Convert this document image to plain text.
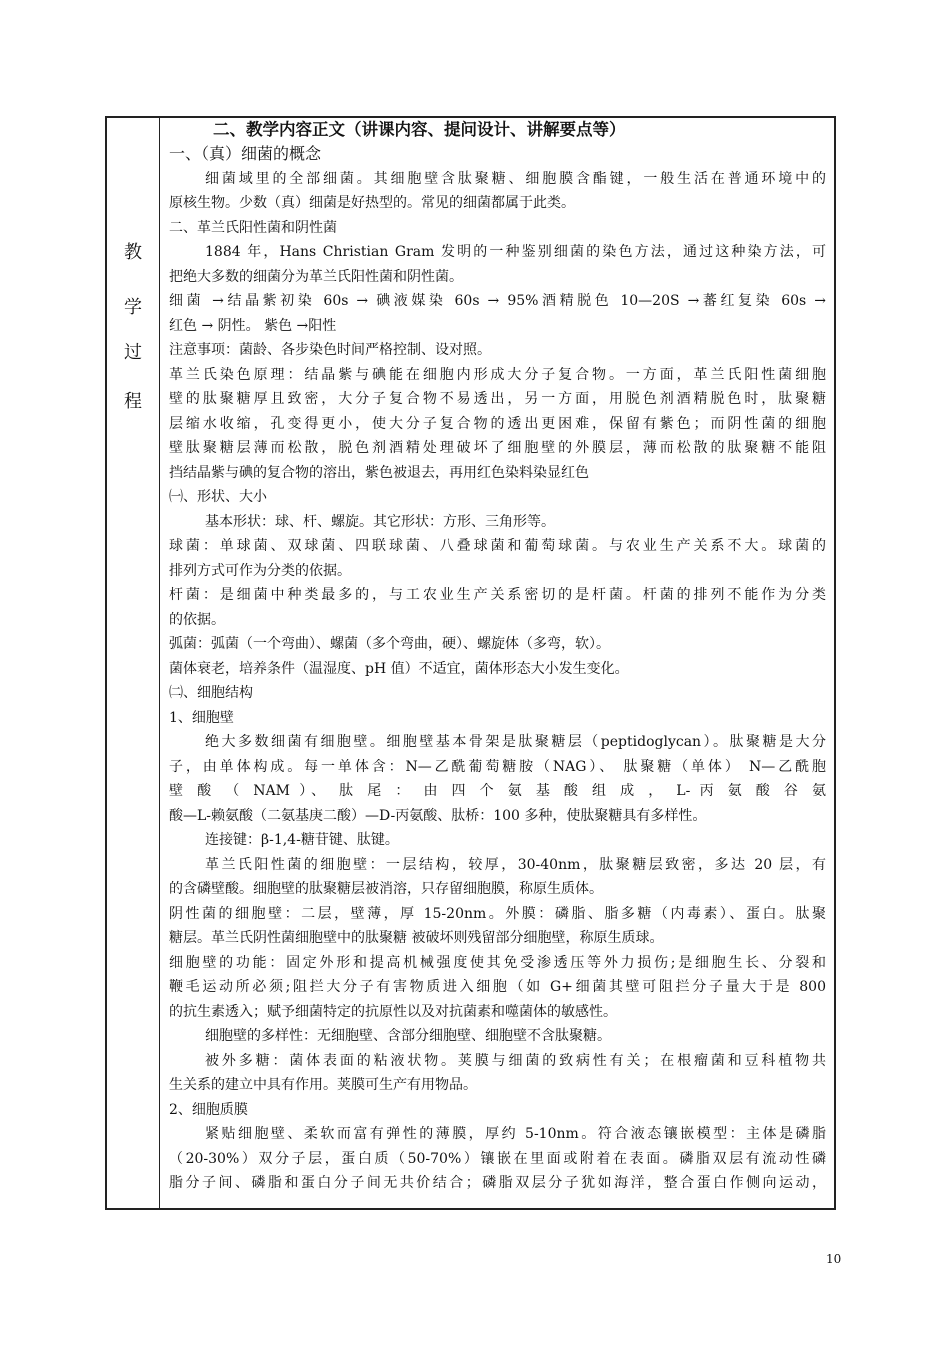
教
学
过
程
二、教学内容正文（讲课内容、提问设计、讲解要点等）
一、（真）细菌的概念
细菌域里的全部细菌。其细胞壁含肽聚糖、细胞膜含酯键，一般生活在普通环境中的
原核生物。少数（真）细菌是好热型的。常见的细菌都属于此类。
二、革兰氏阳性菌和阴性菌
1884 年，Hans Christian Gram 发明的一种鉴别细菌的染色方法，通过这种染方法，可
把绝大多数的细菌分为革兰氏阳性菌和阴性菌。
细菌 →结晶紫初染 60s → 碘液媒染 60s → 95%酒精脱色 10—20S →蕃红复染 60s →
红色 → 阴性。 紫色 →阳性
注意事项：菌龄、各步染色时间严格控制、设对照。
革兰氏染色原理：结晶紫与碘能在细胞内形成大分子复合物。一方面，革兰氏阳性菌细胞
壁的肽聚糖厚且致密，大分子复合物不易透出，另一方面，用脱色剂酒精脱色时，肽聚糖
层缩水收缩，孔变得更小，使大分子复合物的透出更困难，保留有紫色；而阴性菌的细胞
壁肽聚糖层薄而松散，脱色剂酒精处理破坏了细胞壁的外膜层，薄而松散的肽聚糖不能阻
挡结晶紫与碘的复合物的溶出，紫色被退去，再用红色染料染显红色
㈠、形状、大小
基本形状：球、杆、螺旋。其它形状：方形、三角形等。
球菌：单球菌、双球菌、四联球菌、八叠球菌和葡萄球菌。与农业生产关系不大。球菌的
排列方式可作为分类的依据。
杆菌：是细菌中种类最多的，与工农业生产关系密切的是杆菌。杆菌的排列不能作为分类
的依据。
弧菌：弧菌（一个弯曲）、螺菌（多个弯曲，硬）、螺旋体（多弯，软）。
菌体衰老，培养条件（温湿度、pH 值）不适宜，菌体形态大小发生变化。
㈡、细胞结构
1、细胞壁
绝大多数细菌有细胞壁。细胞壁基本骨架是肽聚糖层（peptidoglycan）。肽聚糖是大分
子，由单体构成。每一单体含：N—乙酰葡萄糖胺（NAG）、 肽聚糖（单体） N—乙酰胞
壁 酸 （ NAM ）、 肽 尾 ： 由 四 个 氨 基 酸 组 成 ， L- 丙 氨 酸 谷 氨
酸—L-赖氨酸（二氨基庚二酸）—D-丙氨酸、肽桥：100 多种，使肽聚糖具有多样性。
连接键：β-1,4-糖苷键、肽键。
革兰氏阳性菌的细胞壁：一层结构，较厚，30-40nm，肽聚糖层致密，多达 20 层，有
的含磷壁酸。细胞壁的肽聚糖层被消溶，只存留细胞膜，称原生质体。
阴性菌的细胞壁：二层，壁薄，厚 15-20nm。外膜：磷脂、脂多糖（内毒素）、蛋白。肽聚
糖层。革兰氏阴性菌细胞壁中的肽聚糖 被破坏则残留部分细胞壁，称原生质球。
细胞壁的功能：固定外形和提高机械强度使其免受渗透压等外力损伤;是细胞生长、分裂和
鞭毛运动所必须;阻拦大分子有害物质进入细胞（如 G+细菌其壁可阻拦分子量大于是 800
的抗生素透入；赋予细菌特定的抗原性以及对抗菌素和噬菌体的敏感性。
细胞壁的多样性：无细胞壁、含部分细胞壁、细胞壁不含肽聚糖。
被外多糖：菌体表面的粘液状物。荚膜与细菌的致病性有关；在根瘤菌和豆科植物共
生关系的建立中具有作用。荚膜可生产有用物品。
2、细胞质膜
紧贴细胞壁、柔软而富有弹性的薄膜，厚约 5-10nm。符合液态镶嵌模型：主体是磷脂
（20-30%）双分子层，蛋白质（50-70%）镶嵌在里面或附着在表面。磷脂双层有流动性磷
脂分子间、磷脂和蛋白分子间无共价结合；磷脂双层分子犹如海洋，整合蛋白作侧向运动，
10
